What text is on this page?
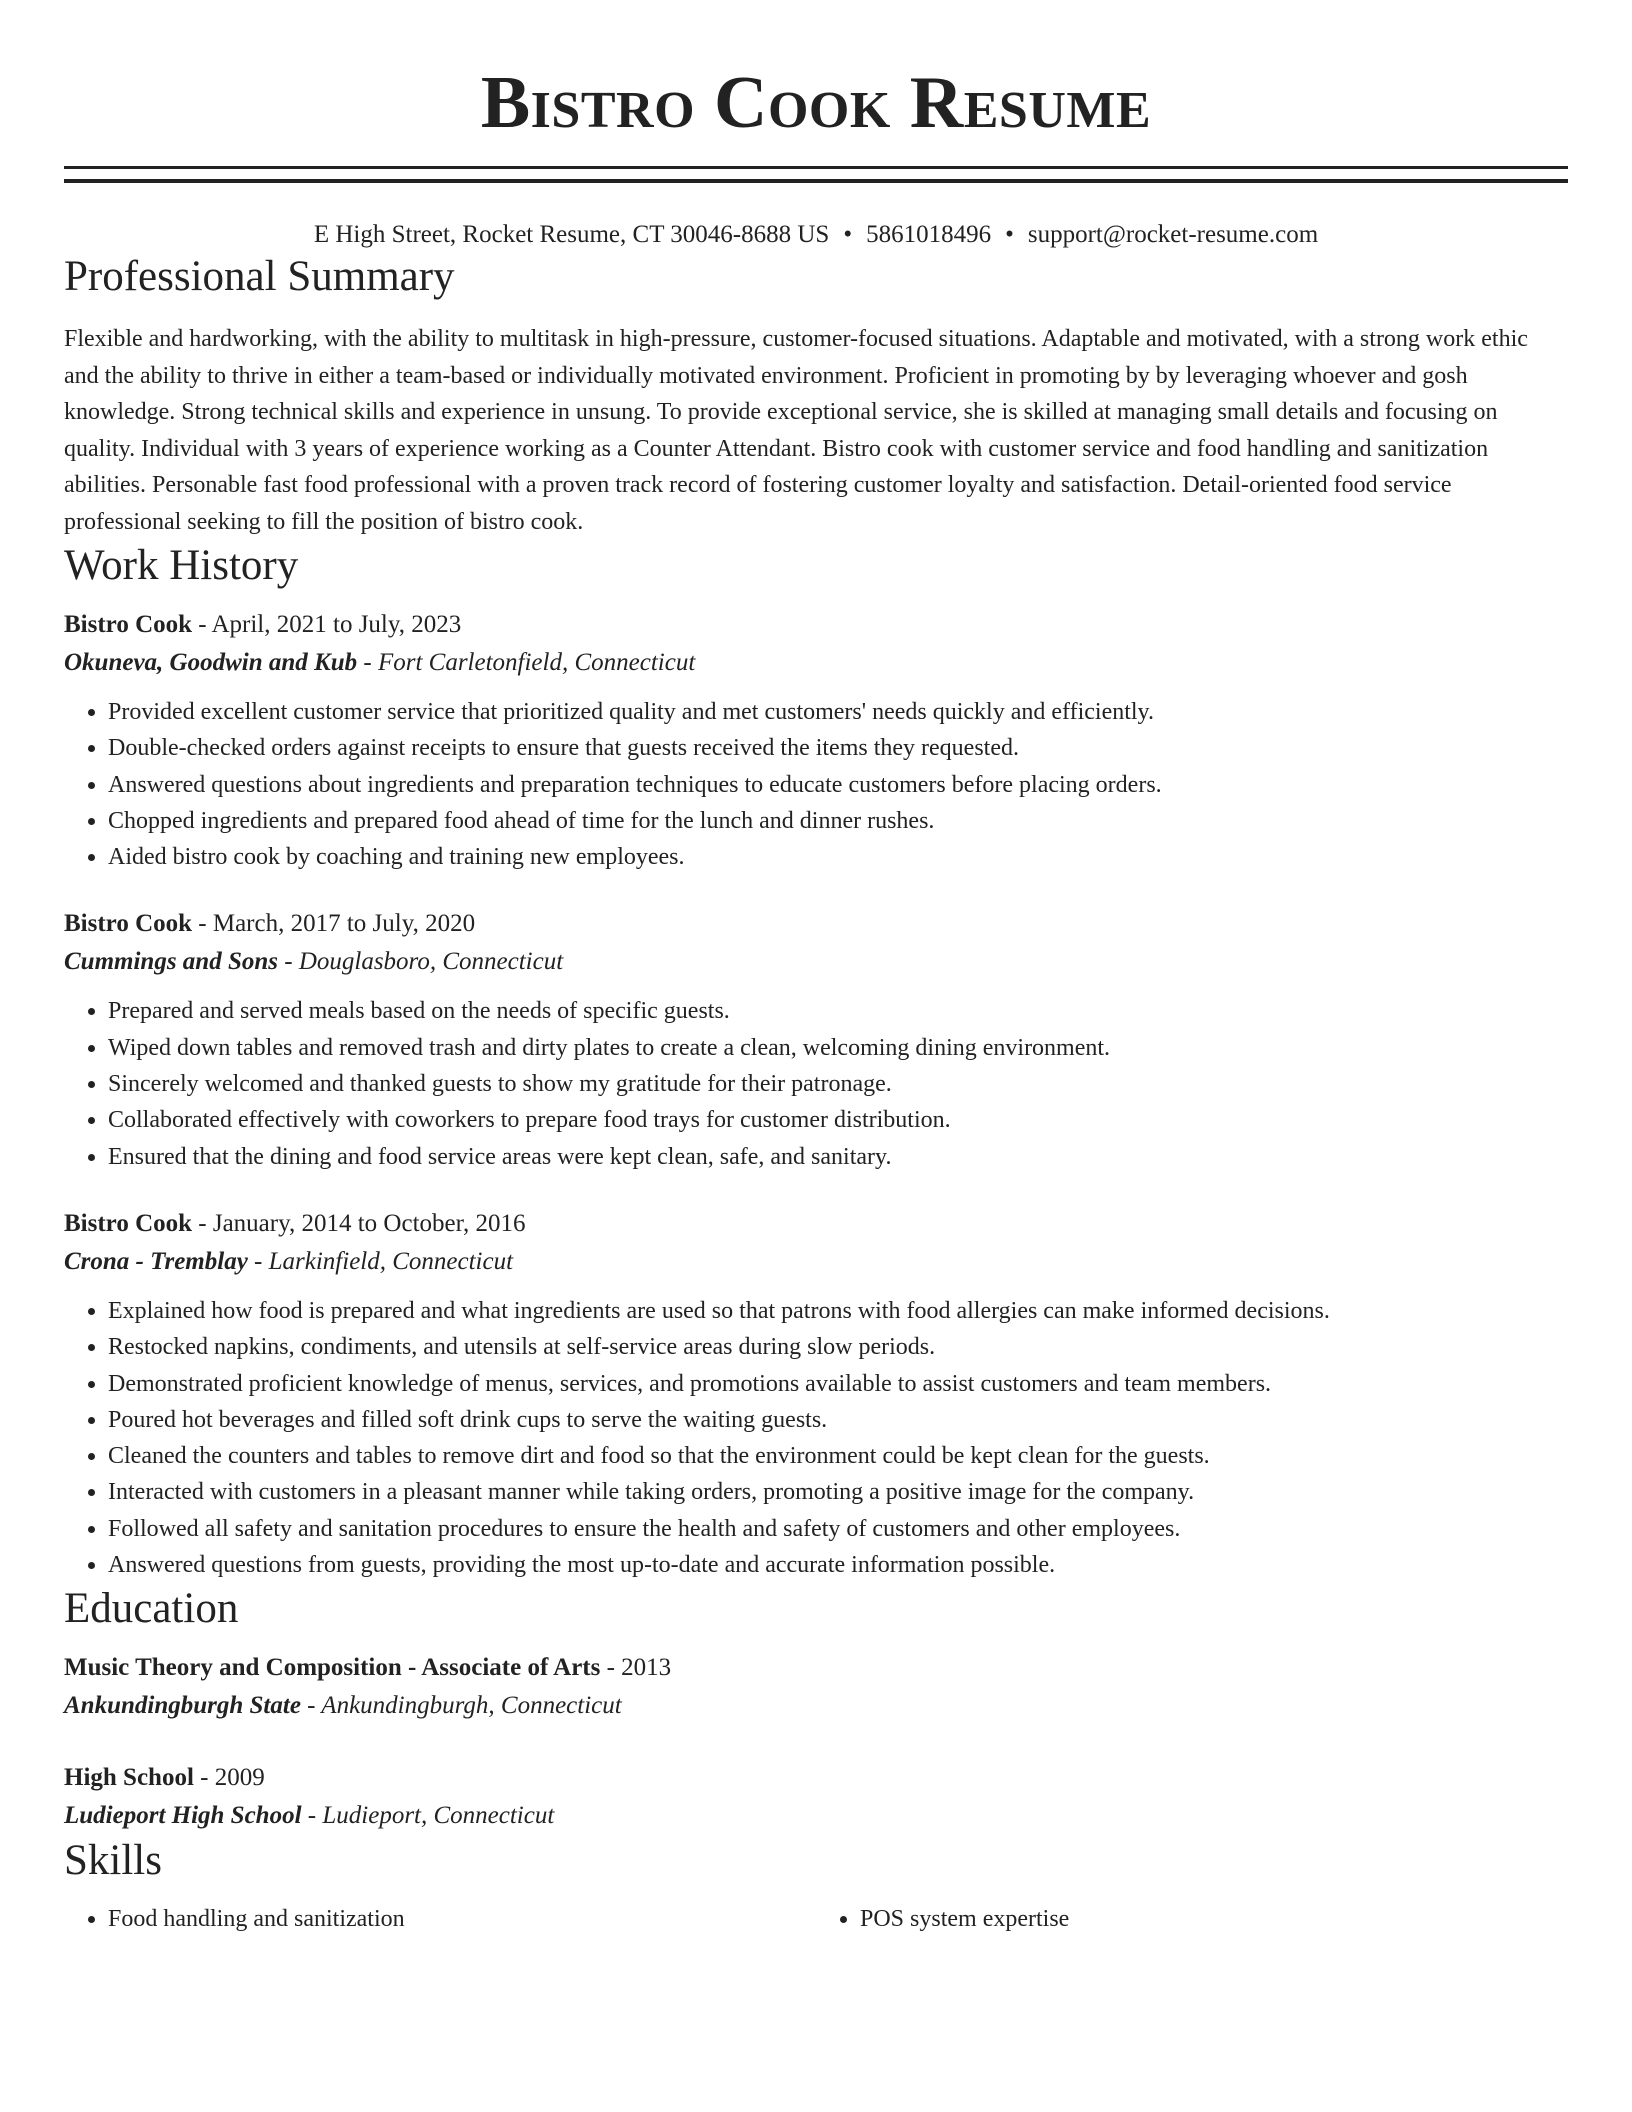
Bistro Cook Resume
E High Street, Rocket Resume, CT 30046-8688 US • 5861018496 • support@rocket-resume.com
Professional Summary
Flexible and hardworking, with the ability to multitask in high-pressure, customer-focused situations. Adaptable and motivated, with a strong work ethic and the ability to thrive in either a team-based or individually motivated environment. Proficient in promoting by by leveraging whoever and gosh knowledge. Strong technical skills and experience in unsung. To provide exceptional service, she is skilled at managing small details and focusing on quality. Individual with 3 years of experience working as a Counter Attendant. Bistro cook with customer service and food handling and sanitization abilities. Personable fast food professional with a proven track record of fostering customer loyalty and satisfaction. Detail-oriented food service professional seeking to fill the position of bistro cook.
Work History
Bistro Cook - April, 2021 to July, 2023
Okuneva, Goodwin and Kub - Fort Carletonfield, Connecticut
• Provided excellent customer service that prioritized quality and met customers' needs quickly and efficiently.
• Double-checked orders against receipts to ensure that guests received the items they requested.
• Answered questions about ingredients and preparation techniques to educate customers before placing orders.
• Chopped ingredients and prepared food ahead of time for the lunch and dinner rushes.
• Aided bistro cook by coaching and training new employees.
Bistro Cook - March, 2017 to July, 2020
Cummings and Sons - Douglasboro, Connecticut
• Prepared and served meals based on the needs of specific guests.
• Wiped down tables and removed trash and dirty plates to create a clean, welcoming dining environment.
• Sincerely welcomed and thanked guests to show my gratitude for their patronage.
• Collaborated effectively with coworkers to prepare food trays for customer distribution.
• Ensured that the dining and food service areas were kept clean, safe, and sanitary.
Bistro Cook - January, 2014 to October, 2016
Crona - Tremblay - Larkinfield, Connecticut
• Explained how food is prepared and what ingredients are used so that patrons with food allergies can make informed decisions.
• Restocked napkins, condiments, and utensils at self-service areas during slow periods.
• Demonstrated proficient knowledge of menus, services, and promotions available to assist customers and team members.
• Poured hot beverages and filled soft drink cups to serve the waiting guests.
• Cleaned the counters and tables to remove dirt and food so that the environment could be kept clean for the guests.
• Interacted with customers in a pleasant manner while taking orders, promoting a positive image for the company.
• Followed all safety and sanitation procedures to ensure the health and safety of customers and other employees.
• Answered questions from guests, providing the most up-to-date and accurate information possible.
Education
Music Theory and Composition - Associate of Arts - 2013
Ankundingburgh State - Ankundingburgh, Connecticut
High School - 2009
Ludieport High School - Ludieport, Connecticut
Skills
• Food handling and sanitization
•	POS system expertise
